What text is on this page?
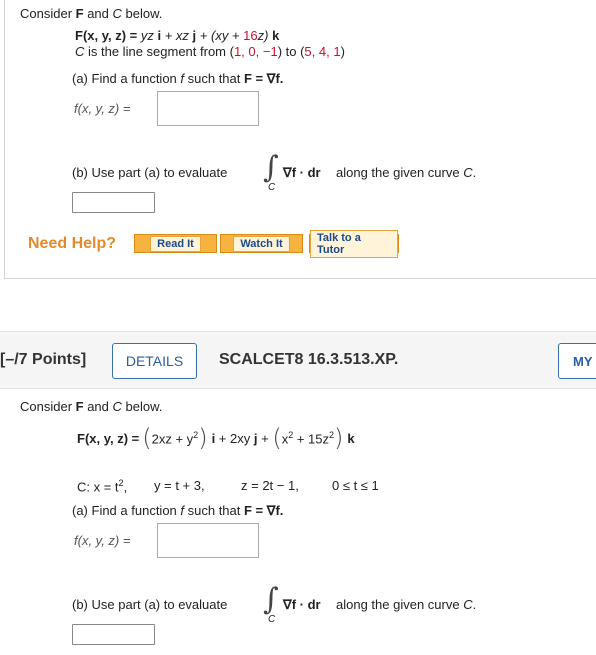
Consider F and C below.
F(x, y, z) = yz i + xz j + (xy + 16z) k
C is the line segment from (1, 0, −1) to (5, 4, 1)
(a) Find a function f such that F = ∇f.
f(x, y, z) =
(b) Use part (a) to evaluate ∫
C
∇f · dr along the given curve C.
Need Help?	Read It	Watch It	Talk to a Tutor
[–/7 Points]	DETAILS	SCALCET8 16.3.513.XP.	MY
Consider F and C below.
F(x, y, z) = ( $2xz + y^2$ ) i + 2xy j + ( $x^2 + 15z^2$ ) k
C: $x = t^2$, y = t + 3,	z = 2t − 1,	0 ≤ t ≤ 1
(a) Find a function f such that F = ∇f.
f(x, y, z) =
(b) Use part (a) to evaluate ∫
C
∇f · dr along the given curve C.
